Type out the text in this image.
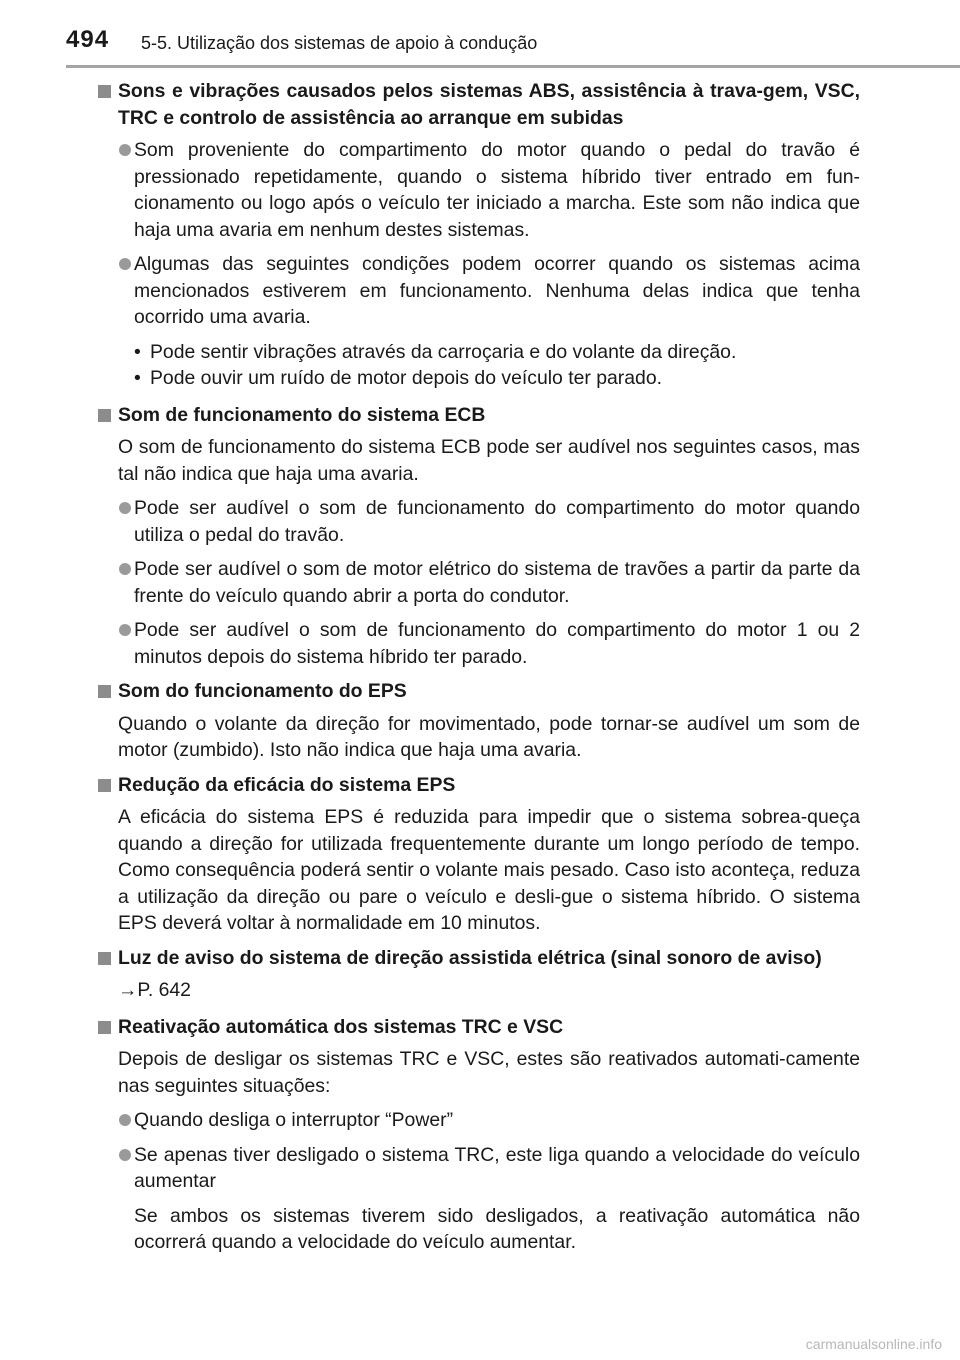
494 5-5. Utilização dos sistemas de apoio à condução

Sons e vibrações causados pelos sistemas ABS, assistência à trava-gem, VSC, TRC e controlo de assistência ao arranque em subidas

Som proveniente do compartimento do motor quando o pedal do travão é pressionado repetidamente, quando o sistema híbrido tiver entrado em fun-cionamento ou logo após o veículo ter iniciado a marcha. Este som não indica que haja uma avaria em nenhum destes sistemas.

Algumas das seguintes condições podem ocorrer quando os sistemas acima mencionados estiverem em funcionamento. Nenhuma delas indica que tenha ocorrido uma avaria.

• Pode sentir vibrações através da carroçaria e do volante da direção.

• Pode ouvir um ruído de motor depois do veículo ter parado.

Som de funcionamento do sistema ECB

O som de funcionamento do sistema ECB pode ser audível nos seguintes casos, mas tal não indica que haja uma avaria.

Pode ser audível o som de funcionamento do compartimento do motor quando utiliza o pedal do travão.

Pode ser audível o som de motor elétrico do sistema de travões a partir da parte da frente do veículo quando abrir a porta do condutor.

Pode ser audível o som de funcionamento do compartimento do motor 1 ou 2 minutos depois do sistema híbrido ter parado.

Som do funcionamento do EPS

Quando o volante da direção for movimentado, pode tornar-se audível um som de motor (zumbido). Isto não indica que haja uma avaria.

Redução da eficácia do sistema EPS

A eficácia do sistema EPS é reduzida para impedir que o sistema sobrea-queça quando a direção for utilizada frequentemente durante um longo período de tempo. Como consequência poderá sentir o volante mais pesado. Caso isto aconteça, reduza a utilização da direção ou pare o veículo e desli-gue o sistema híbrido. O sistema EPS deverá voltar à normalidade em 10 minutos.

Luz de aviso do sistema de direção assistida elétrica (sinal sonoro de aviso)

→P. 642

Reativação automática dos sistemas TRC e VSC

Depois de desligar os sistemas TRC e VSC, estes são reativados automati-camente nas seguintes situações:

Quando desliga o interruptor “Power”

Se apenas tiver desligado o sistema TRC, este liga quando a velocidade do veículo aumentar

Se ambos os sistemas tiverem sido desligados, a reativação automática não ocorrerá quando a velocidade do veículo aumentar.

carmanualsonline.info
